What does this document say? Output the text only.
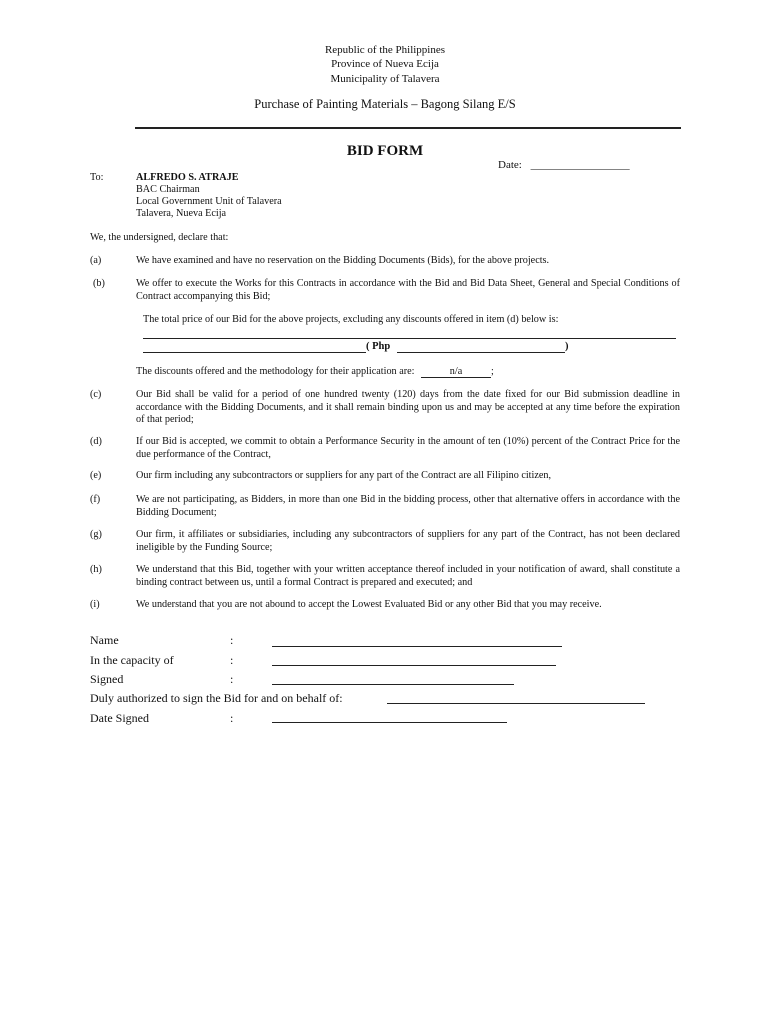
Republic of the Philippines
Province of Nueva Ecija
Municipality of Talavera
Purchase of Painting Materials – Bagong Silang E/S
BID FORM
Date: __________________
To:	ALFREDO S. ATRAJE
BAC Chairman
Local Government Unit of Talavera
Talavera, Nueva Ecija
We, the undersigned, declare that:
(a)	We have examined and have no reservation on the Bidding Documents (Bids), for the above projects.
(b)	We offer to execute the Works for this Contracts in accordance with the Bid and Bid Data Sheet, General and Special Conditions of Contract accompanying this Bid;
The total price of our Bid for the above projects, excluding any discounts offered in item (d) below is:
( Php	)
The discounts offered and the methodology for their application are:	n/a	;
(c)	Our Bid shall be valid for a period of one hundred twenty (120) days from the date fixed for our Bid submission deadline in accordance with the Bidding Documents, and it shall remain binding upon us and may be accepted at any time before the expiration of that period;
(d)	If our Bid is accepted, we commit to obtain a Performance Security in the amount of ten (10%) percent of the Contract Price for the due performance of the Contract,
(e)	Our firm including any subcontractors or suppliers for any part of the Contract are all Filipino citizen,
(f)	We are not participating, as Bidders, in more than one Bid in the bidding process, other that alternative offers in accordance with the Bidding Document;
(g)	Our firm, it affiliates or subsidiaries, including any subcontractors of suppliers for any part of the Contract, has not been declared ineligible by the Funding Source;
(h)	We understand that this Bid, together with your written acceptance thereof included in your notification of award, shall constitute a binding contract between us, until a formal Contract is prepared and executed; and
(i)	We understand that you are not abound to accept the Lowest Evaluated Bid or any other Bid that you may receive.
Name	:
In the capacity of	:
Signed	:
Duly authorized to sign the Bid for and on behalf of:
Date Signed	:
